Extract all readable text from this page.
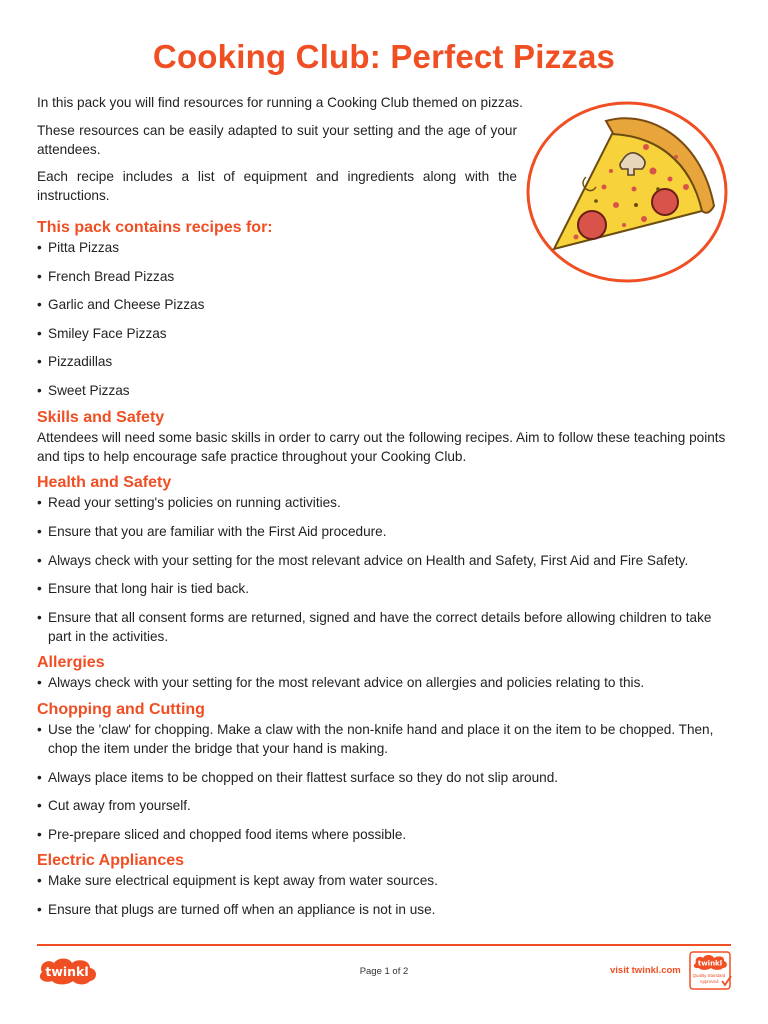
Cooking Club: Perfect Pizzas

In this pack you will find resources for running a Cooking Club themed on pizzas.

These resources can be easily adapted to suit your setting and the age of your attendees.

Each recipe includes a list of equipment and ingredients along with the instructions.

This pack contains recipes for:
• Pitta Pizzas
• French Bread Pizzas
• Garlic and Cheese Pizzas
• Smiley Face Pizzas
• Pizzadillas
• Sweet Pizzas
Skills and Safety

Attendees will need some basic skills in order to carry out the following recipes. Aim to follow these teaching points and tips to help encourage safe practice throughout your Cooking Club.

Health and Safety
• Read your setting's policies on running activities.
• Ensure that you are familiar with the First Aid procedure.
• Always check with your setting for the most relevant advice on Health and Safety, First Aid and Fire Safety.
• Ensure that long hair is tied back.
• Ensure that all consent forms are returned, signed and have the correct details before allowing children to take part in the activities.
Allergies
• Always check with your setting for the most relevant advice on allergies and policies relating to this.
Chopping and Cutting
• Use the 'claw' for chopping. Make a claw with the non-knife hand and place it on the item to be chopped. Then, chop the item under the bridge that your hand is making.
• Always place items to be chopped on their flattest surface so they do not slip around.
• Cut away from yourself.
• Pre-prepare sliced and chopped food items where possible.
Electric Appliances
• Make sure electrical equipment is kept away from water sources.
• Ensure that plugs are turned off when an appliance is not in use.
twinkl	Page 1 of 2	visit twinkl.com
twinkl
Quality Standard
Approved
